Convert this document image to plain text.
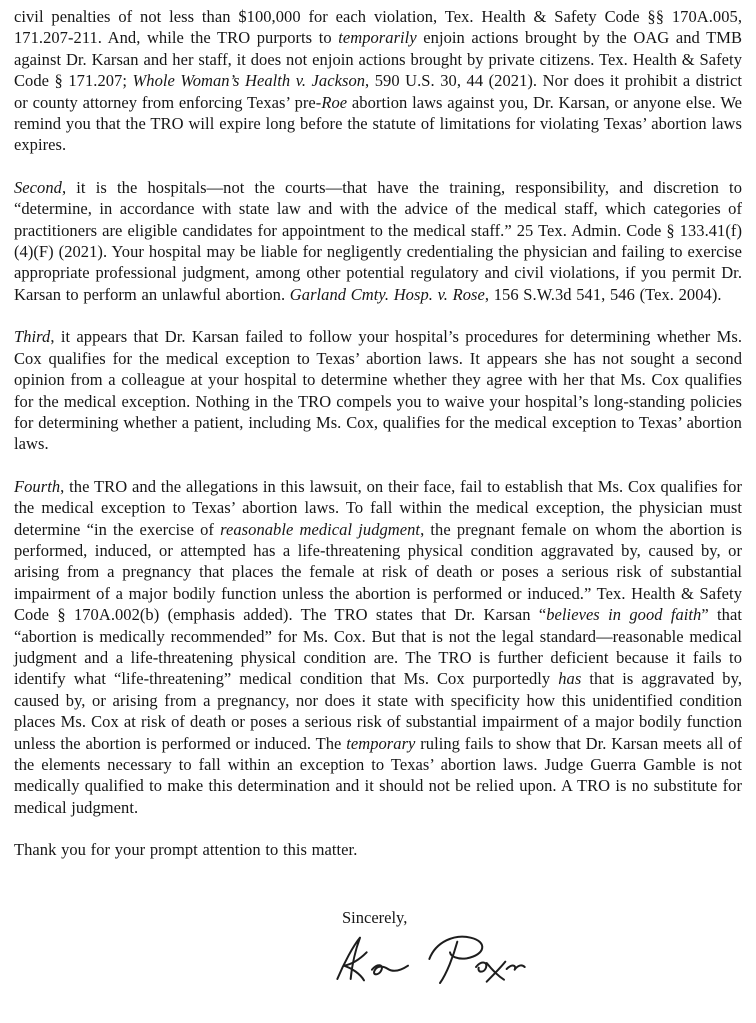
civil penalties of not less than $100,000 for each violation, Tex. Health & Safety Code §§ 170A.005, 171.207-211. And, while the TRO purports to temporarily enjoin actions brought by the OAG and TMB against Dr. Karsan and her staff, it does not enjoin actions brought by private citizens. Tex. Health & Safety Code § 171.207; Whole Woman’s Health v. Jackson, 590 U.S. 30, 44 (2021). Nor does it prohibit a district or county attorney from enforcing Texas’ pre-Roe abortion laws against you, Dr. Karsan, or anyone else. We remind you that the TRO will expire long before the statute of limitations for violating Texas’ abortion laws expires.

Second, it is the hospitals—not the courts—that have the training, responsibility, and discretion to “determine, in accordance with state law and with the advice of the medical staff, which categories of practitioners are eligible candidates for appointment to the medical staff.” 25 Tex. Admin. Code § 133.41(f)(4)(F) (2021). Your hospital may be liable for negligently credentialing the physician and failing to exercise appropriate professional judgment, among other potential regulatory and civil violations, if you permit Dr. Karsan to perform an unlawful abortion. Garland Cmty. Hosp. v. Rose, 156 S.W.3d 541, 546 (Tex. 2004).

Third, it appears that Dr. Karsan failed to follow your hospital’s procedures for determining whether Ms. Cox qualifies for the medical exception to Texas’ abortion laws. It appears she has not sought a second opinion from a colleague at your hospital to determine whether they agree with her that Ms. Cox qualifies for the medical exception. Nothing in the TRO compels you to waive your hospital’s long-standing policies for determining whether a patient, including Ms. Cox, qualifies for the medical exception to Texas’ abortion laws.

Fourth, the TRO and the allegations in this lawsuit, on their face, fail to establish that Ms. Cox qualifies for the medical exception to Texas’ abortion laws. To fall within the medical exception, the physician must determine “in the exercise of reasonable medical judgment, the pregnant female on whom the abortion is performed, induced, or attempted has a life-threatening physical condition aggravated by, caused by, or arising from a pregnancy that places the female at risk of death or poses a serious risk of substantial impairment of a major bodily function unless the abortion is performed or induced.” Tex. Health & Safety Code § 170A.002(b) (emphasis added). The TRO states that Dr. Karsan “believes in good faith” that “abortion is medically recommended” for Ms. Cox. But that is not the legal standard—reasonable medical judgment and a life-threatening physical condition are. The TRO is further deficient because it fails to identify what “life-threatening” medical condition that Ms. Cox purportedly has that is aggravated by, caused by, or arising from a pregnancy, nor does it state with specificity how this unidentified condition places Ms. Cox at risk of death or poses a serious risk of substantial impairment of a major bodily function unless the abortion is performed or induced. The temporary ruling fails to show that Dr. Karsan meets all of the elements necessary to fall within an exception to Texas’ abortion laws. Judge Guerra Gamble is not medically qualified to make this determination and it should not be relied upon. A TRO is no substitute for medical judgment.

Thank you for your prompt attention to this matter.

Sincerely,
